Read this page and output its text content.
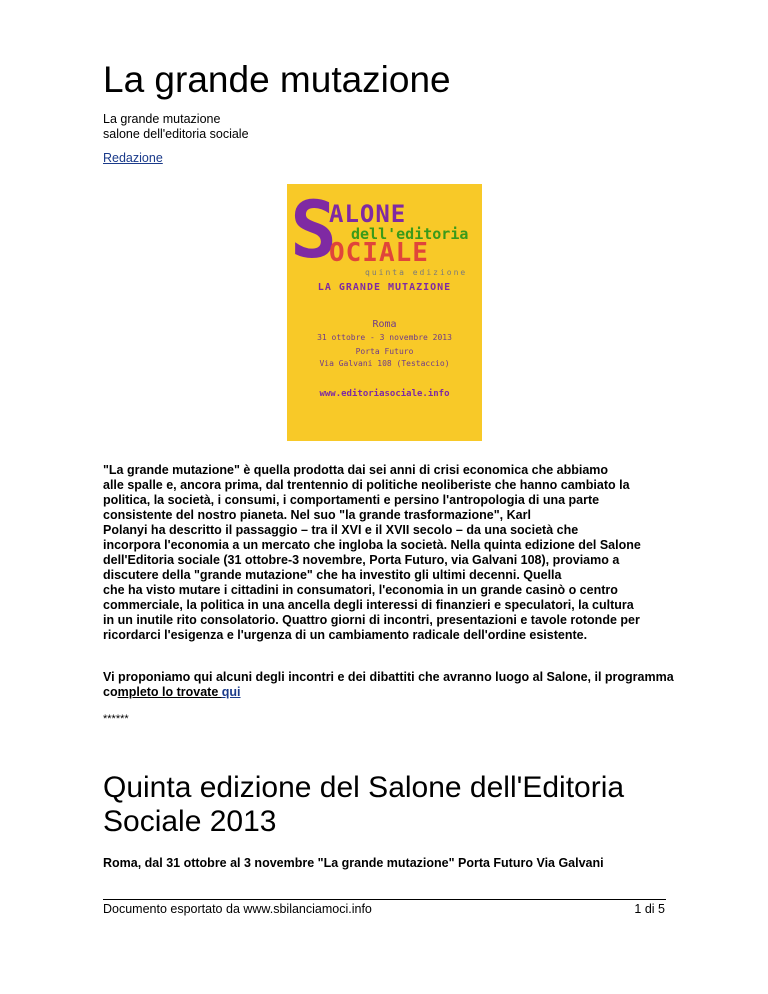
La grande mutazione
La grande mutazione
salone dell'editoria sociale
Redazione
S
ALONE
dell'editoria
OCIALE
quinta edizione
LA GRANDE MUTAZIONE
Roma
31 ottobre - 3 novembre 2013
Porta Futuro
Via Galvani 108 (Testaccio)
www.editoriasociale.info
"La grande mutazione" è quella prodotta dai sei anni di crisi economica che abbiamo
alle spalle e, ancora prima, dal trentennio di politiche neoliberiste che hanno cambiato la
politica, la società, i consumi, i comportamenti e persino l'antropologia di una parte
consistente del nostro pianeta. Nel suo "la grande trasformazione", Karl
Polanyi ha descritto il passaggio – tra il XVI e il XVII secolo – da una società che
incorpora l'economia a un mercato che ingloba la società. Nella quinta edizione del Salone
dell'Editoria sociale (31 ottobre-3 novembre, Porta Futuro, via Galvani 108), proviamo a
discutere della "grande mutazione" che ha investito gli ultimi decenni. Quella
che ha visto mutare i cittadini in consumatori, l'economia in un grande casinò o centro
commerciale, la politica in una ancella degli interessi di finanzieri e speculatori, la cultura
in un inutile rito consolatorio. Quattro giorni di incontri, presentazioni e tavole rotonde per
ricordarci l'esigenza e l'urgenza di un cambiamento radicale dell'ordine esistente.
Vi proponiamo qui alcuni degli incontri e dei dibattiti che avranno luogo al Salone, il programma
completo lo trovate qui
******
Quinta edizione del Salone dell'Editoria Sociale 2013
Roma, dal 31 ottobre al 3 novembre "La grande mutazione" Porta Futuro Via Galvani
Documento esportato da www.sbilanciamoci.info	1 di 5
